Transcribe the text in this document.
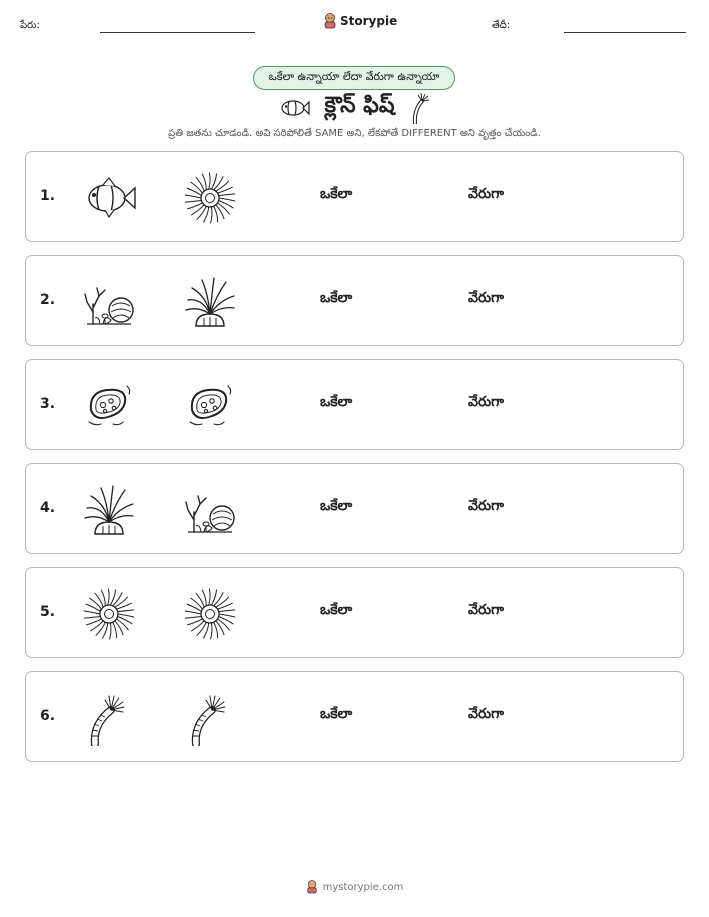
పేరు:	Storypie	తేదీ:
ఒకేలా ఉన్నాయా లేదా వేరుగా ఉన్నాయా
క్లౌన్ ఫిష్
ప్రతి జతను చూడండి. అవి సరిపోలితే SAME అని, లేకపోతే DIFFERENT అని వృత్తం చేయండి.
1.	ఒకేలా	వేరుగా
2.	ఒకేలా	వేరుగా
3.	ఒకేలా	వేరుగా
4.	ఒకేలా	వేరుగా
5.	ఒకేలా	వేరుగా
6.	ఒకేలా	వేరుగా
mystorypie.com
